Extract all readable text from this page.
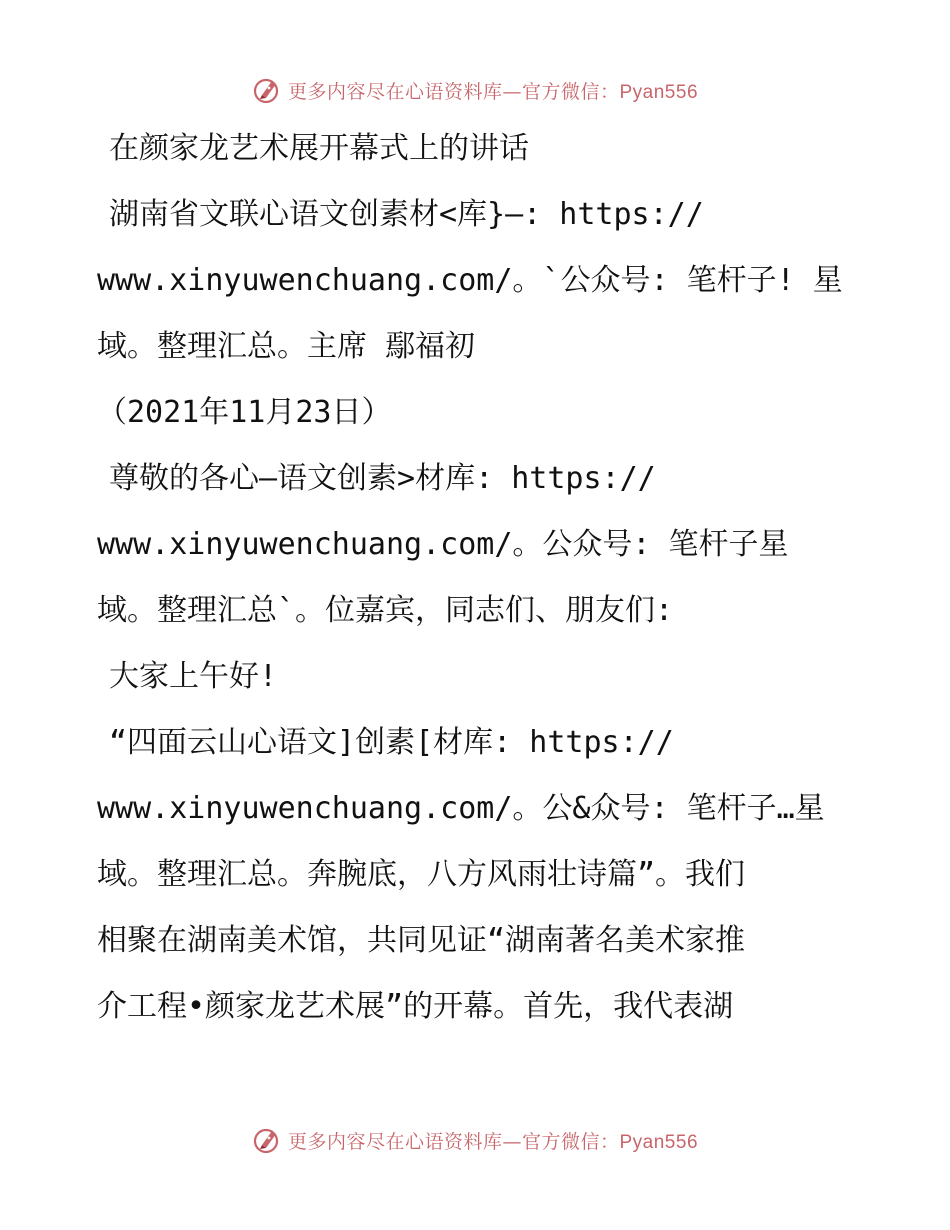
更多内容尽在心语资料库—官方微信：Pyan556
在颜家龙艺术展开幕式上的讲话
湖南省文联心语文创素材<库}—: https://
www.xinyuwenchuang.com/。`公众号: 笔杆子! 星
域。整理汇总。主席 鄢福初
（2021年11月23日）
尊敬的各心—语文创素>材库: https://
www.xinyuwenchuang.com/。公众号: 笔杆子星
域。整理汇总`。位嘉宾，同志们、朋友们:
大家上午好!
“四面云山心语文]创素[材库: https://
www.xinyuwenchuang.com/。公&众号: 笔杆子…星
域。整理汇总。奔腕底，八方风雨壮诗篇”。我们
相聚在湖南美术馆，共同见证“湖南著名美术家推
介工程•颜家龙艺术展”的开幕。首先，我代表湖
更多内容尽在心语资料库—官方微信：Pyan556
